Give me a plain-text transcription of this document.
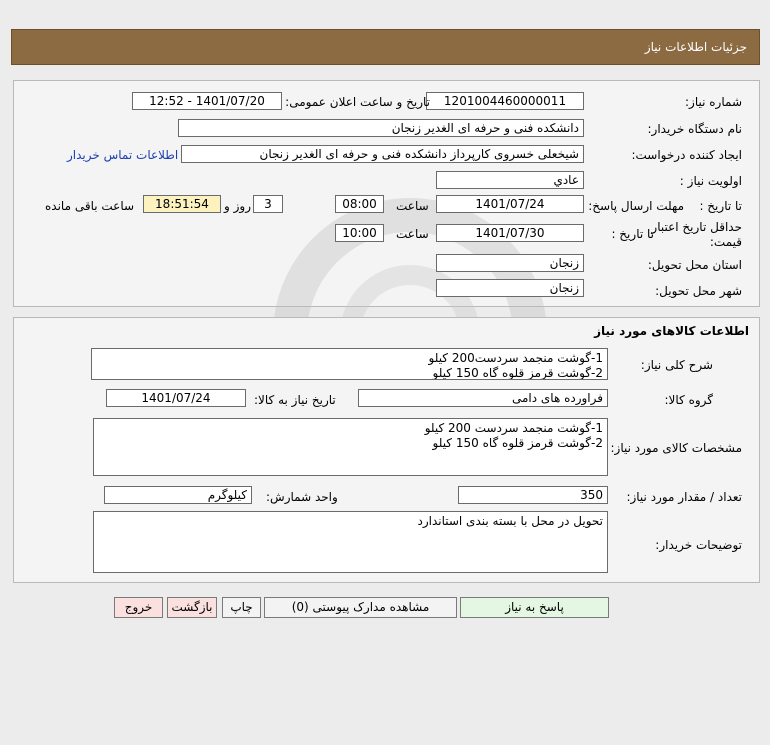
جزئیات اطلاعات نیاز
شماره نیاز:
1201004460000011
تاریخ و ساعت اعلان عمومی:
1401/07/20 - 12:52
نام دستگاه خریدار:
دانشکده فنی و حرفه ای الغدیر زنجان
ایجاد کننده درخواست:
شیخعلی خسروی کارپرداز دانشکده فنی و حرفه ای الغدیر زنجان
اطلاعات تماس خریدار
اولویت نیاز :
عادي
مهلت ارسال پاسخ: تا تاریخ :
1401/07/24
ساعت
08:00
3
روز و
18:51:54
ساعت باقی مانده
حداقل تاریخ اعتبار
قیمت:
تا تاریخ :
1401/07/30
ساعت
10:00
استان محل تحویل:
زنجان
شهر محل تحویل:
زنجان
اطلاعات کالاهای مورد نیاز
شرح کلی نیاز:
1-گوشت منجمد سردست200 کیلو
2-گوشت قرمز قلوه گاه 150 کیلو
گروه کالا:
فراورده های دامی
تاریخ نیاز به کالا:
1401/07/24
مشخصات کالای مورد نیاز:
1-گوشت منجمد سردست 200 کیلو
2-گوشت قرمز قلوه گاه 150 کیلو
تعداد / مقدار مورد نیاز:
350
واحد شمارش:
کیلوگرم
توضیحات خریدار:
تحویل در محل با بسته بندی استاندارد
پاسخ به نیاز
مشاهده مدارک پیوستی (0)
چاپ
بازگشت
خروج
